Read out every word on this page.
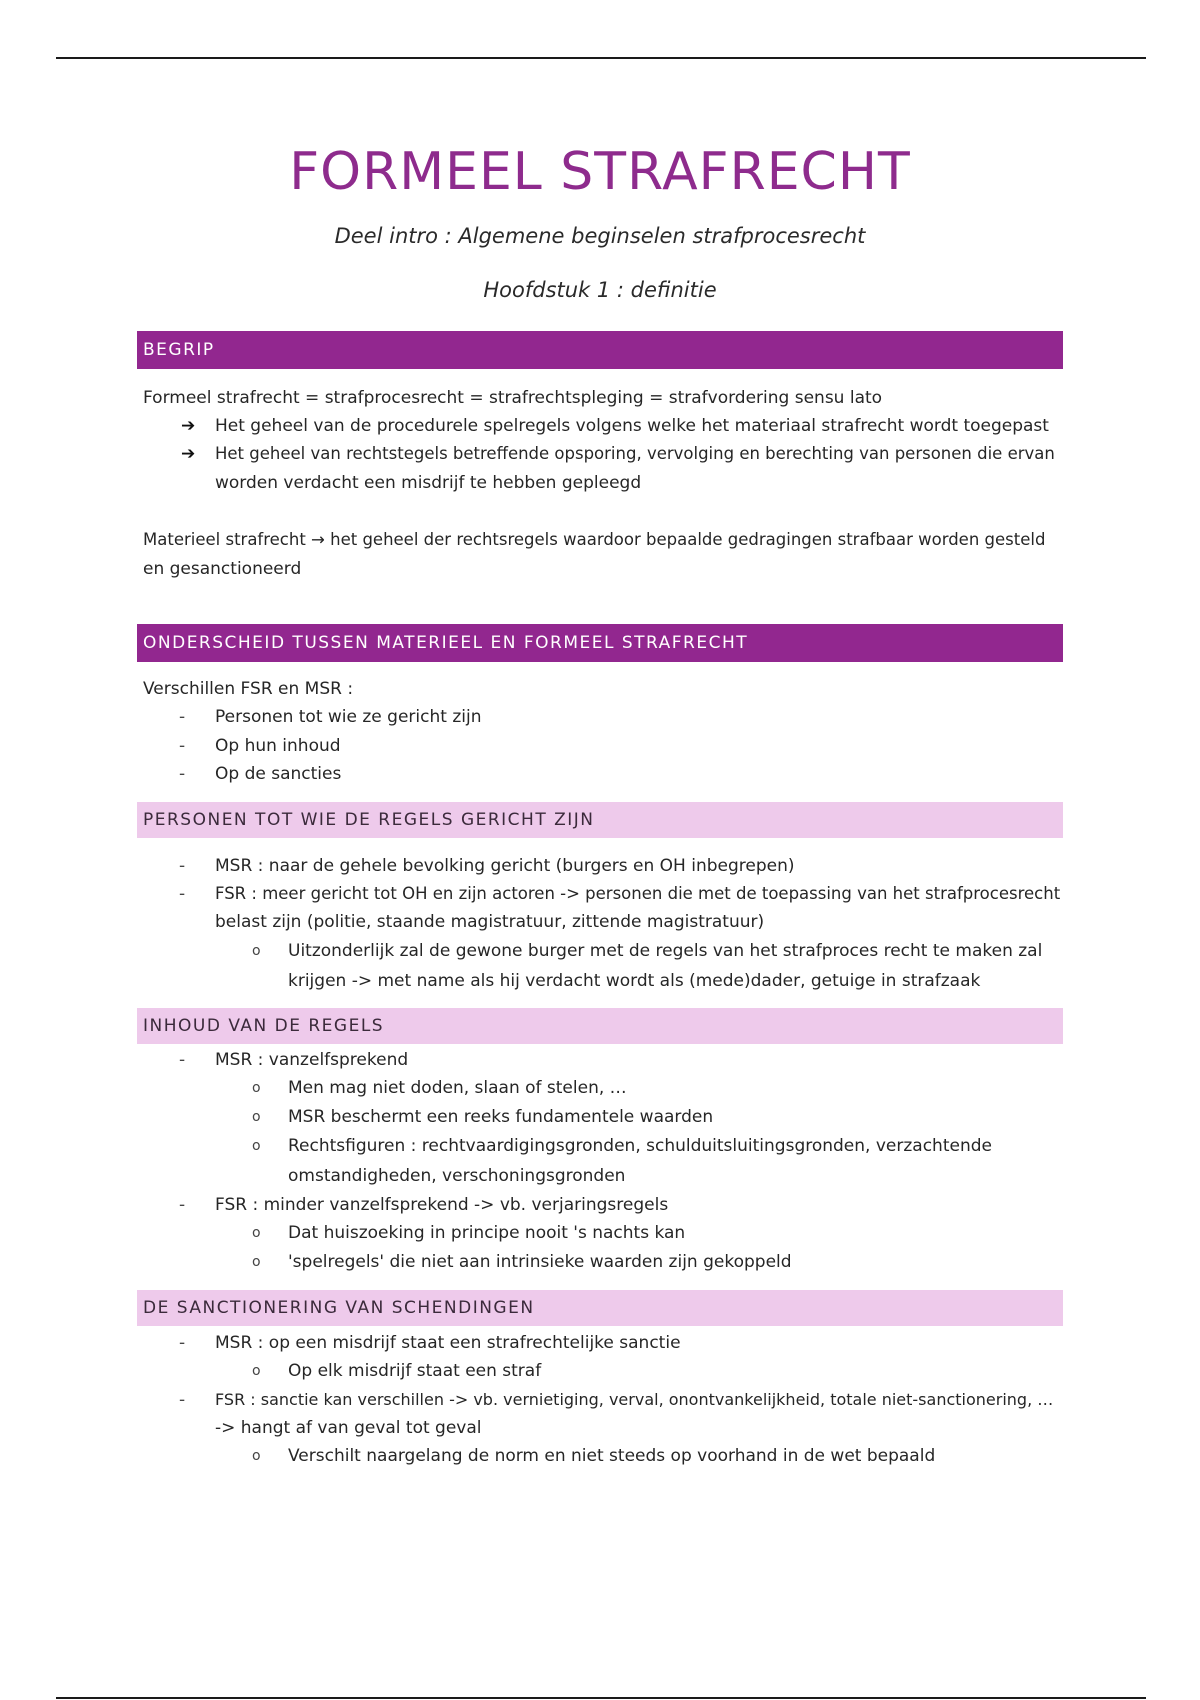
FORMEEL STRAFRECHT
Deel intro : Algemene beginselen strafprocesrecht
Hoofdstuk 1 : definitie
BEGRIP
Formeel strafrecht = strafprocesrecht = strafrechtspleging = strafvordering sensu lato
➔ Het geheel van de procedurele spelregels volgens welke het materiaal strafrecht wordt toegepast
➔ Het geheel van rechtstegels betreffende opsporing, vervolging en berechting van personen die ervan
worden verdacht een misdrijf te hebben gepleegd
Materieel strafrecht → het geheel der rechtsregels waardoor bepaalde gedragingen strafbaar worden gesteld
en gesanctioneerd
ONDERSCHEID TUSSEN MATERIEEL EN FORMEEL STRAFRECHT
Verschillen FSR en MSR :
- Personen tot wie ze gericht zijn
- Op hun inhoud
- Op de sancties
PERSONEN TOT WIE DE REGELS GERICHT ZIJN
- MSR : naar de gehele bevolking gericht (burgers en OH inbegrepen)
- FSR : meer gericht tot OH en zijn actoren -> personen die met de toepassing van het strafprocesrecht
belast zijn (politie, staande magistratuur, zittende magistratuur)
o Uitzonderlijk zal de gewone burger met de regels van het strafproces recht te maken zal
krijgen -> met name als hij verdacht wordt als (mede)dader, getuige in strafzaak
INHOUD VAN DE REGELS
- MSR : vanzelfsprekend
o Men mag niet doden, slaan of stelen, …
o MSR beschermt een reeks fundamentele waarden
o Rechtsfiguren : rechtvaardigingsgronden, schulduitsluitingsgronden, verzachtende
omstandigheden, verschoningsgronden
- FSR : minder vanzelfsprekend -> vb. verjaringsregels
o Dat huiszoeking in principe nooit 's nachts kan
o 'spelregels' die niet aan intrinsieke waarden zijn gekoppeld
DE SANCTIONERING VAN SCHENDINGEN
- MSR : op een misdrijf staat een strafrechtelijke sanctie
o Op elk misdrijf staat een straf
- FSR : sanctie kan verschillen -> vb. vernietiging, verval, onontvankelijkheid, totale niet-sanctionering, …
-> hangt af van geval tot geval
o Verschilt naargelang de norm en niet steeds op voorhand in de wet bepaald
